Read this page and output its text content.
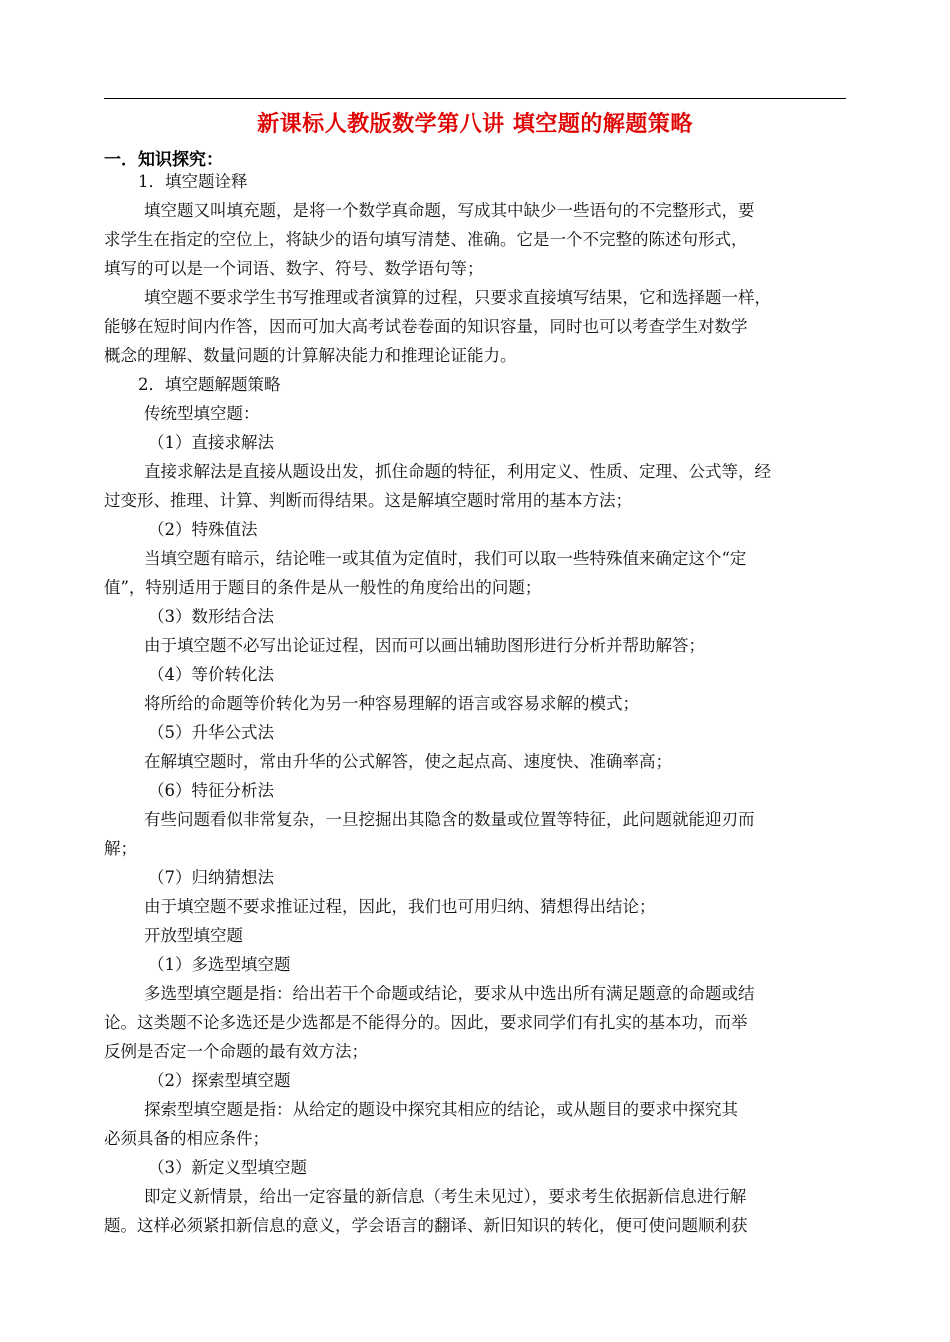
新课标人教版数学第八讲 填空题的解题策略
一．知识探究：
1．填空题诠释
填空题又叫填充题，是将一个数学真命题，写成其中缺少一些语句的不完整形式，要
求学生在指定的空位上，将缺少的语句填写清楚、准确。它是一个不完整的陈述句形式，
填写的可以是一个词语、数字、符号、数学语句等；
填空题不要求学生书写推理或者演算的过程，只要求直接填写结果，它和选择题一样，
能够在短时间内作答，因而可加大高考试卷卷面的知识容量，同时也可以考查学生对数学
概念的理解、数量问题的计算解决能力和推理论证能力。
2．填空题解题策略
传统型填空题：
（1）直接求解法
直接求解法是直接从题设出发，抓住命题的特征，利用定义、性质、定理、公式等，经
过变形、推理、计算、判断而得结果。这是解填空题时常用的基本方法；
（2）特殊值法
当填空题有暗示，结论唯一或其值为定值时，我们可以取一些特殊值来确定这个“定
值”，特别适用于题目的条件是从一般性的角度给出的问题；
（3）数形结合法
由于填空题不必写出论证过程，因而可以画出辅助图形进行分析并帮助解答；
（4）等价转化法
将所给的命题等价转化为另一种容易理解的语言或容易求解的模式；
（5）升华公式法
在解填空题时，常由升华的公式解答，使之起点高、速度快、准确率高；
（6）特征分析法
有些问题看似非常复杂，一旦挖掘出其隐含的数量或位置等特征，此问题就能迎刃而
解；
（7）归纳猜想法
由于填空题不要求推证过程，因此，我们也可用归纳、猜想得出结论；
开放型填空题
（1）多选型填空题
多选型填空题是指：给出若干个命题或结论，要求从中选出所有满足题意的命题或结
论。这类题不论多选还是少选都是不能得分的。因此，要求同学们有扎实的基本功，而举
反例是否定一个命题的最有效方法；
（2）探索型填空题
探索型填空题是指：从给定的题设中探究其相应的结论，或从题目的要求中探究其
必须具备的相应条件；
（3）新定义型填空题
即定义新情景，给出一定容量的新信息（考生未见过），要求考生依据新信息进行解
题。这样必须紧扣新信息的意义，学会语言的翻译、新旧知识的转化，便可使问题顺利获
